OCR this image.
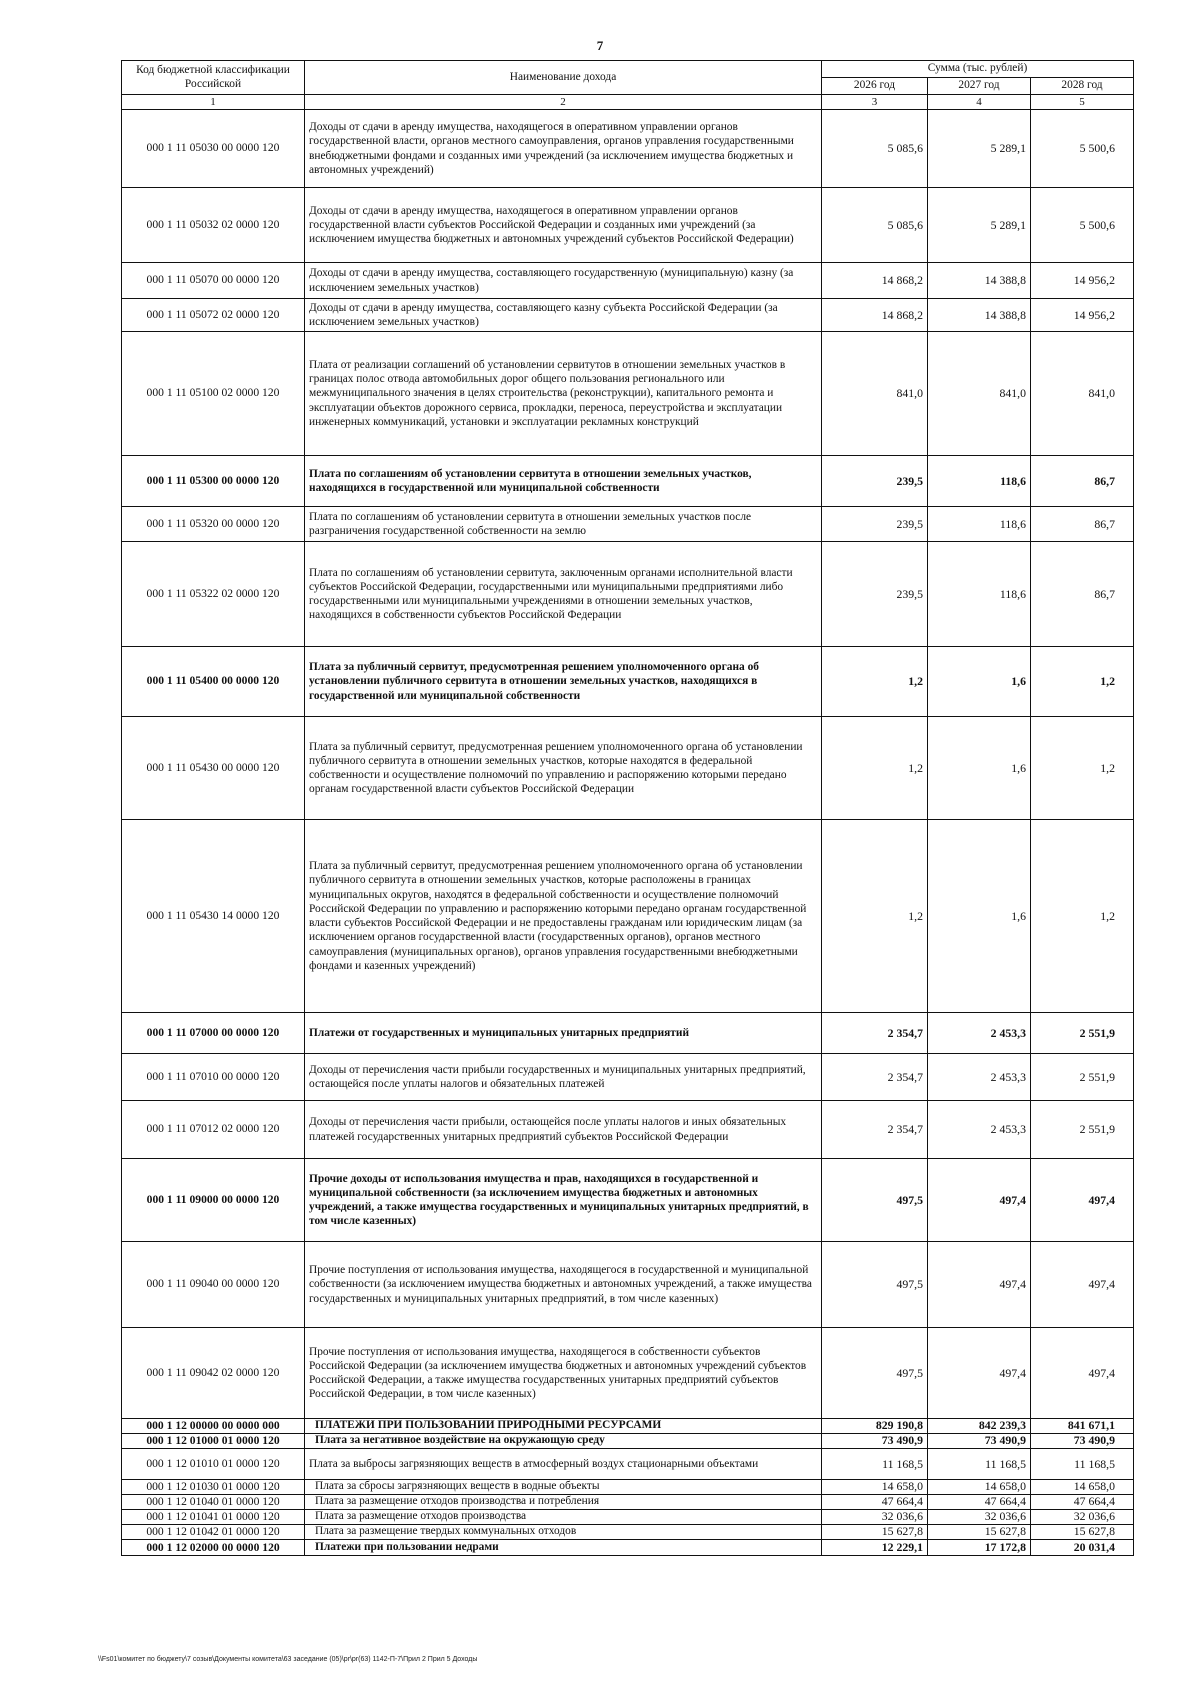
7
Код бюджетной классификации Российской	Наименование дохода	Сумма (тыс. рублей)		
		2026 год	2027 год	2028 год
1	2	3	4	5
000 1 11 05030 00 0000 120	Доходы от сдачи в аренду имущества, находящегося в оперативном управлении органов государственной власти, органов местного самоуправления, органов управления государственными внебюджетными фондами и созданных ими учреждений (за исключением имущества бюджетных и автономных учреждений)	5 085,6	5 289,1	5 500,6
000 1 11 05032 02 0000 120	Доходы от сдачи в аренду имущества, находящегося в оперативном управлении органов государственной власти субъектов Российской Федерации и созданных ими учреждений (за исключением имущества бюджетных и автономных учреждений субъектов Российской Федерации)	5 085,6	5 289,1	5 500,6
000 1 11 05070 00 0000 120	Доходы от сдачи в аренду имущества, составляющего государственную (муниципальную) казну (за исключением земельных участков)	14 868,2	14 388,8	14 956,2
000 1 11 05072 02 0000 120	Доходы от сдачи в аренду имущества, составляющего казну субъекта Российской Федерации (за исключением земельных участков)	14 868,2	14 388,8	14 956,2
000 1 11 05100 02 0000 120	Плата от реализации соглашений об установлении сервитутов в отношении земельных участков в границах полос отвода автомобильных дорог общего пользования регионального или межмуниципального значения в целях строительства (реконструкции), капитального ремонта и эксплуатации объектов дорожного сервиса, прокладки, переноса, переустройства и эксплуатации инженерных коммуникаций, установки и эксплуатации рекламных конструкций	841,0	841,0	841,0
000 1 11 05300 00 0000 120	Плата по соглашениям об установлении сервитута в отношении земельных участков, находящихся в государственной или муниципальной собственности	239,5	118,6	86,7
000 1 11 05320 00 0000 120	Плата по соглашениям об установлении сервитута в отношении земельных участков после разграничения государственной собственности на землю	239,5	118,6	86,7
000 1 11 05322 02 0000 120	Плата по соглашениям об установлении сервитута, заключенным органами исполнительной власти субъектов Российской Федерации, государственными или муниципальными предприятиями либо государственными или муниципальными учреждениями в отношении земельных участков, находящихся в собственности субъектов Российской Федерации	239,5	118,6	86,7
000 1 11 05400 00 0000 120	Плата за публичный сервитут, предусмотренная решением уполномоченного органа об установлении публичного сервитута в отношении земельных участков, находящихся в государственной или муниципальной собственности	1,2	1,6	1,2
000 1 11 05430 00 0000 120	Плата за публичный сервитут, предусмотренная решением уполномоченного органа об установлении публичного сервитута в отношении земельных участков, которые находятся в федеральной собственности и осуществление полномочий по управлению и распоряжению которыми передано органам государственной власти субъектов Российской Федерации	1,2	1,6	1,2
000 1 11 05430 14 0000 120	Плата за публичный сервитут, предусмотренная решением уполномоченного органа об установлении публичного сервитута в отношении земельных участков, которые расположены в границах муниципальных округов, находятся в федеральной собственности и осуществление полномочий Российской Федерации по управлению и распоряжению которыми передано органам государственной власти субъектов Российской Федерации и не предоставлены гражданам или юридическим лицам (за исключением органов государственной власти (государственных органов), органов местного самоуправления (муниципальных органов), органов управления государственными внебюджетными фондами и казенных учреждений)	1,2	1,6	1,2
000 1 11 07000 00 0000 120	Платежи от государственных и муниципальных унитарных предприятий	2 354,7	2 453,3	2 551,9
000 1 11 07010 00 0000 120	Доходы от перечисления части прибыли государственных и муниципальных унитарных предприятий, остающейся после уплаты налогов и обязательных платежей	2 354,7	2 453,3	2 551,9
000 1 11 07012 02 0000 120	Доходы от перечисления части прибыли, остающейся после уплаты налогов и иных обязательных платежей государственных унитарных предприятий субъектов Российской Федерации	2 354,7	2 453,3	2 551,9
000 1 11 09000 00 0000 120	Прочие доходы от использования имущества и прав, находящихся в государственной и муниципальной собственности (за исключением имущества бюджетных и автономных учреждений, а также имущества государственных и муниципальных унитарных предприятий, в том числе казенных)	497,5	497,4	497,4
000 1 11 09040 00 0000 120	Прочие поступления от использования имущества, находящегося в государственной и муниципальной собственности (за исключением имущества бюджетных и автономных учреждений, а также имущества государственных и муниципальных унитарных предприятий, в том числе казенных)	497,5	497,4	497,4
000 1 11 09042 02 0000 120	Прочие поступления от использования имущества, находящегося в собственности субъектов Российской Федерации (за исключением имущества бюджетных и автономных учреждений субъектов Российской Федерации, а также имущества государственных унитарных предприятий субъектов Российской Федерации, в том числе казенных)	497,5	497,4	497,4
000 1 12 00000 00 0000 000	ПЛАТЕЖИ ПРИ ПОЛЬЗОВАНИИ ПРИРОДНЫМИ РЕСУРСАМИ	829 190,8	842 239,3	841 671,1
000 1 12 01000 01 0000 120	Плата за негативное воздействие на окружающую среду	73 490,9	73 490,9	73 490,9
000 1 12 01010 01 0000 120	Плата за выбросы загрязняющих веществ в атмосферный воздух стационарными объектами	11 168,5	11 168,5	11 168,5
000 1 12 01030 01 0000 120	Плата за сбросы загрязняющих веществ в водные объекты	14 658,0	14 658,0	14 658,0
000 1 12 01040 01 0000 120	Плата за размещение отходов производства и потребления	47 664,4	47 664,4	47 664,4
000 1 12 01041 01 0000 120	Плата за размещение отходов производства	32 036,6	32 036,6	32 036,6
000 1 12 01042 01 0000 120	Плата за размещение твердых коммунальных отходов	15 627,8	15 627,8	15 627,8
000 1 12 02000 00 0000 120	Платежи при пользовании недрами	12 229,1	17 172,8	20 031,4
\\Fs01\комитет по бюджету\7 созыв\Документы комитета\63 заседание (05)\pr\pr(63) 1142-П-7\Прил 2 Прил 5 Доходы
